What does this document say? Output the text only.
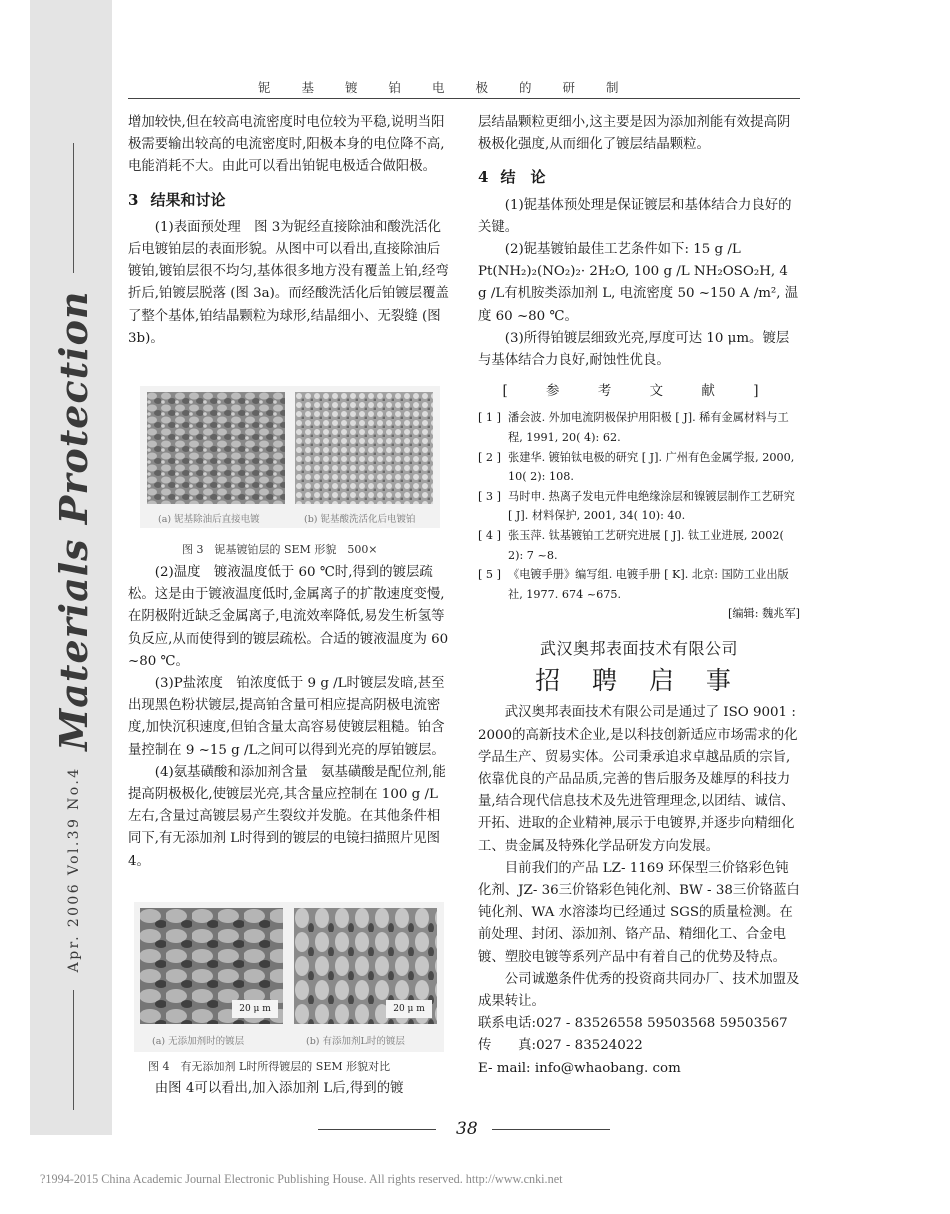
Apr. 2006 Vol.39 No.4 Materials Protection
铌基镀铂电极的研制

增加较快,但在较高电流密度时电位较为平稳,说明当阳极需要输出较高的电流密度时,阳极本身的电位降不高,电能消耗不大。由此可以看出铂铌电极适合做阳极。

3 结果和讨论

(1)表面预处理　图 3为铌经直接除油和酸洗活化后电镀铂层的表面形貌。从图中可以看出,直接除油后镀铂,镀铂层很不均匀,基体很多地方没有覆盖上铂,经弯折后,铂镀层脱落 (图 3a)。而经酸洗活化后铂镀层覆盖了整个基体,铂结晶颗粒为球形,结晶细小、无裂缝 (图 3b)。

(a) 铌基除油后直接电镀	(b) 铌基酸洗活化后电镀铂
图 3　铌基镀铂层的 SEM 形貌　500×

(2)温度　镀液温度低于 60 ℃时,得到的镀层疏松。这是由于镀液温度低时,金属离子的扩散速度变慢,在阴极附近缺乏金属离子,电流效率降低,易发生析氢等负反应,从而使得到的镀层疏松。合适的镀液温度为 60 ~80 ℃。

(3)P盐浓度　铂浓度低于 9 g /L时镀层发暗,甚至出现黑色粉状镀层,提高铂含量可相应提高阴极电流密度,加快沉积速度,但铂含量太高容易使镀层粗糙。铂含量控制在 9 ~15 g /L之间可以得到光亮的厚铂镀层。

(4)氨基磺酸和添加剂含量　氨基磺酸是配位剂,能提高阴极极化,使镀层光亮,其含量应控制在 100 g /L左右,含量过高镀层易产生裂纹并发脆。在其他条件相同下,有无添加剂 L时得到的镀层的电镜扫描照片见图 4。

20 μ m	20 μ m
(a) 无添加剂时的镀层	(b) 有添加剂L时的镀层
图 4　有无添加剂 L时所得镀层的 SEM 形貌对比

由图 4可以看出,加入添加剂 L后,得到的镀

层结晶颗粒更细小,这主要是因为添加剂能有效提高阴极极化强度,从而细化了镀层结晶颗粒。

4 结　论

(1)铌基体预处理是保证镀层和基体结合力良好的关键。

(2)铌基镀铂最佳工艺条件如下: 15 g /L Pt(NH₂)₂(NO₂)₂· 2H₂O, 100 g /L NH₂OSO₂H, 4 g /L有机胺类添加剂 L, 电流密度 50 ~150 A /m², 温度 60 ~80 ℃。

(3)所得铂镀层细致光亮,厚度可达 10 μm。镀层与基体结合力良好,耐蚀性优良。

[ 参 考 文 献 ]

[ 1 ] 潘会波. 外加电流阴极保护用阳极 [ J]. 稀有金属材料与工程, 1991, 20( 4): 62.
[ 2 ] 张建华. 镀铂钛电极的研究 [ J]. 广州有色金属学报, 2000, 10( 2): 108.
[ 3 ] 马时申. 热离子发电元件电绝缘涂层和镍镀层制作工艺研究 [ J]. 材料保护, 2001, 34( 10): 40.
[ 4 ] 张玉萍. 钛基镀铂工艺研究进展 [ J]. 钛工业进展, 2002( 2): 7 ~8.
[ 5 ] 《电镀手册》编写组. 电镀手册 [ K]. 北京: 国防工业出版社, 1977. 674 ~675.
[编辑: 魏兆军]

武汉奥邦表面技术有限公司

招 聘 启 事

武汉奥邦表面技术有限公司是通过了 ISO 9001 : 2000的高新技术企业,是以科技创新适应市场需求的化学品生产、贸易实体。公司秉承追求卓越品质的宗旨,依靠优良的产品品质,完善的售后服务及雄厚的科技力量,结合现代信息技术及先进管理理念,以团结、诚信、开拓、进取的企业精神,展示于电镀界,并逐步向精细化工、贵金属及特殊化学品研发方向发展。

目前我们的产品 LZ- 1169 环保型三价铬彩色钝化剂、JZ- 36三价铬彩色钝化剂、BW - 38三价铬蓝白钝化剂、WA 水溶漆均已经通过 SGS的质量检测。在前处理、封闭、添加剂、铬产品、精细化工、合金电镀、塑胶电镀等系列产品中有着自己的优势及特点。

公司诚邀条件优秀的投资商共同办厂、技术加盟及成果转让。

联系电话:027 - 83526558 59503568 59503567

传　　真:027 - 83524022

E- mail: info@whaobang. com

38
?1994-2015 China Academic Journal Electronic Publishing House. All rights reserved. http://www.cnki.net
